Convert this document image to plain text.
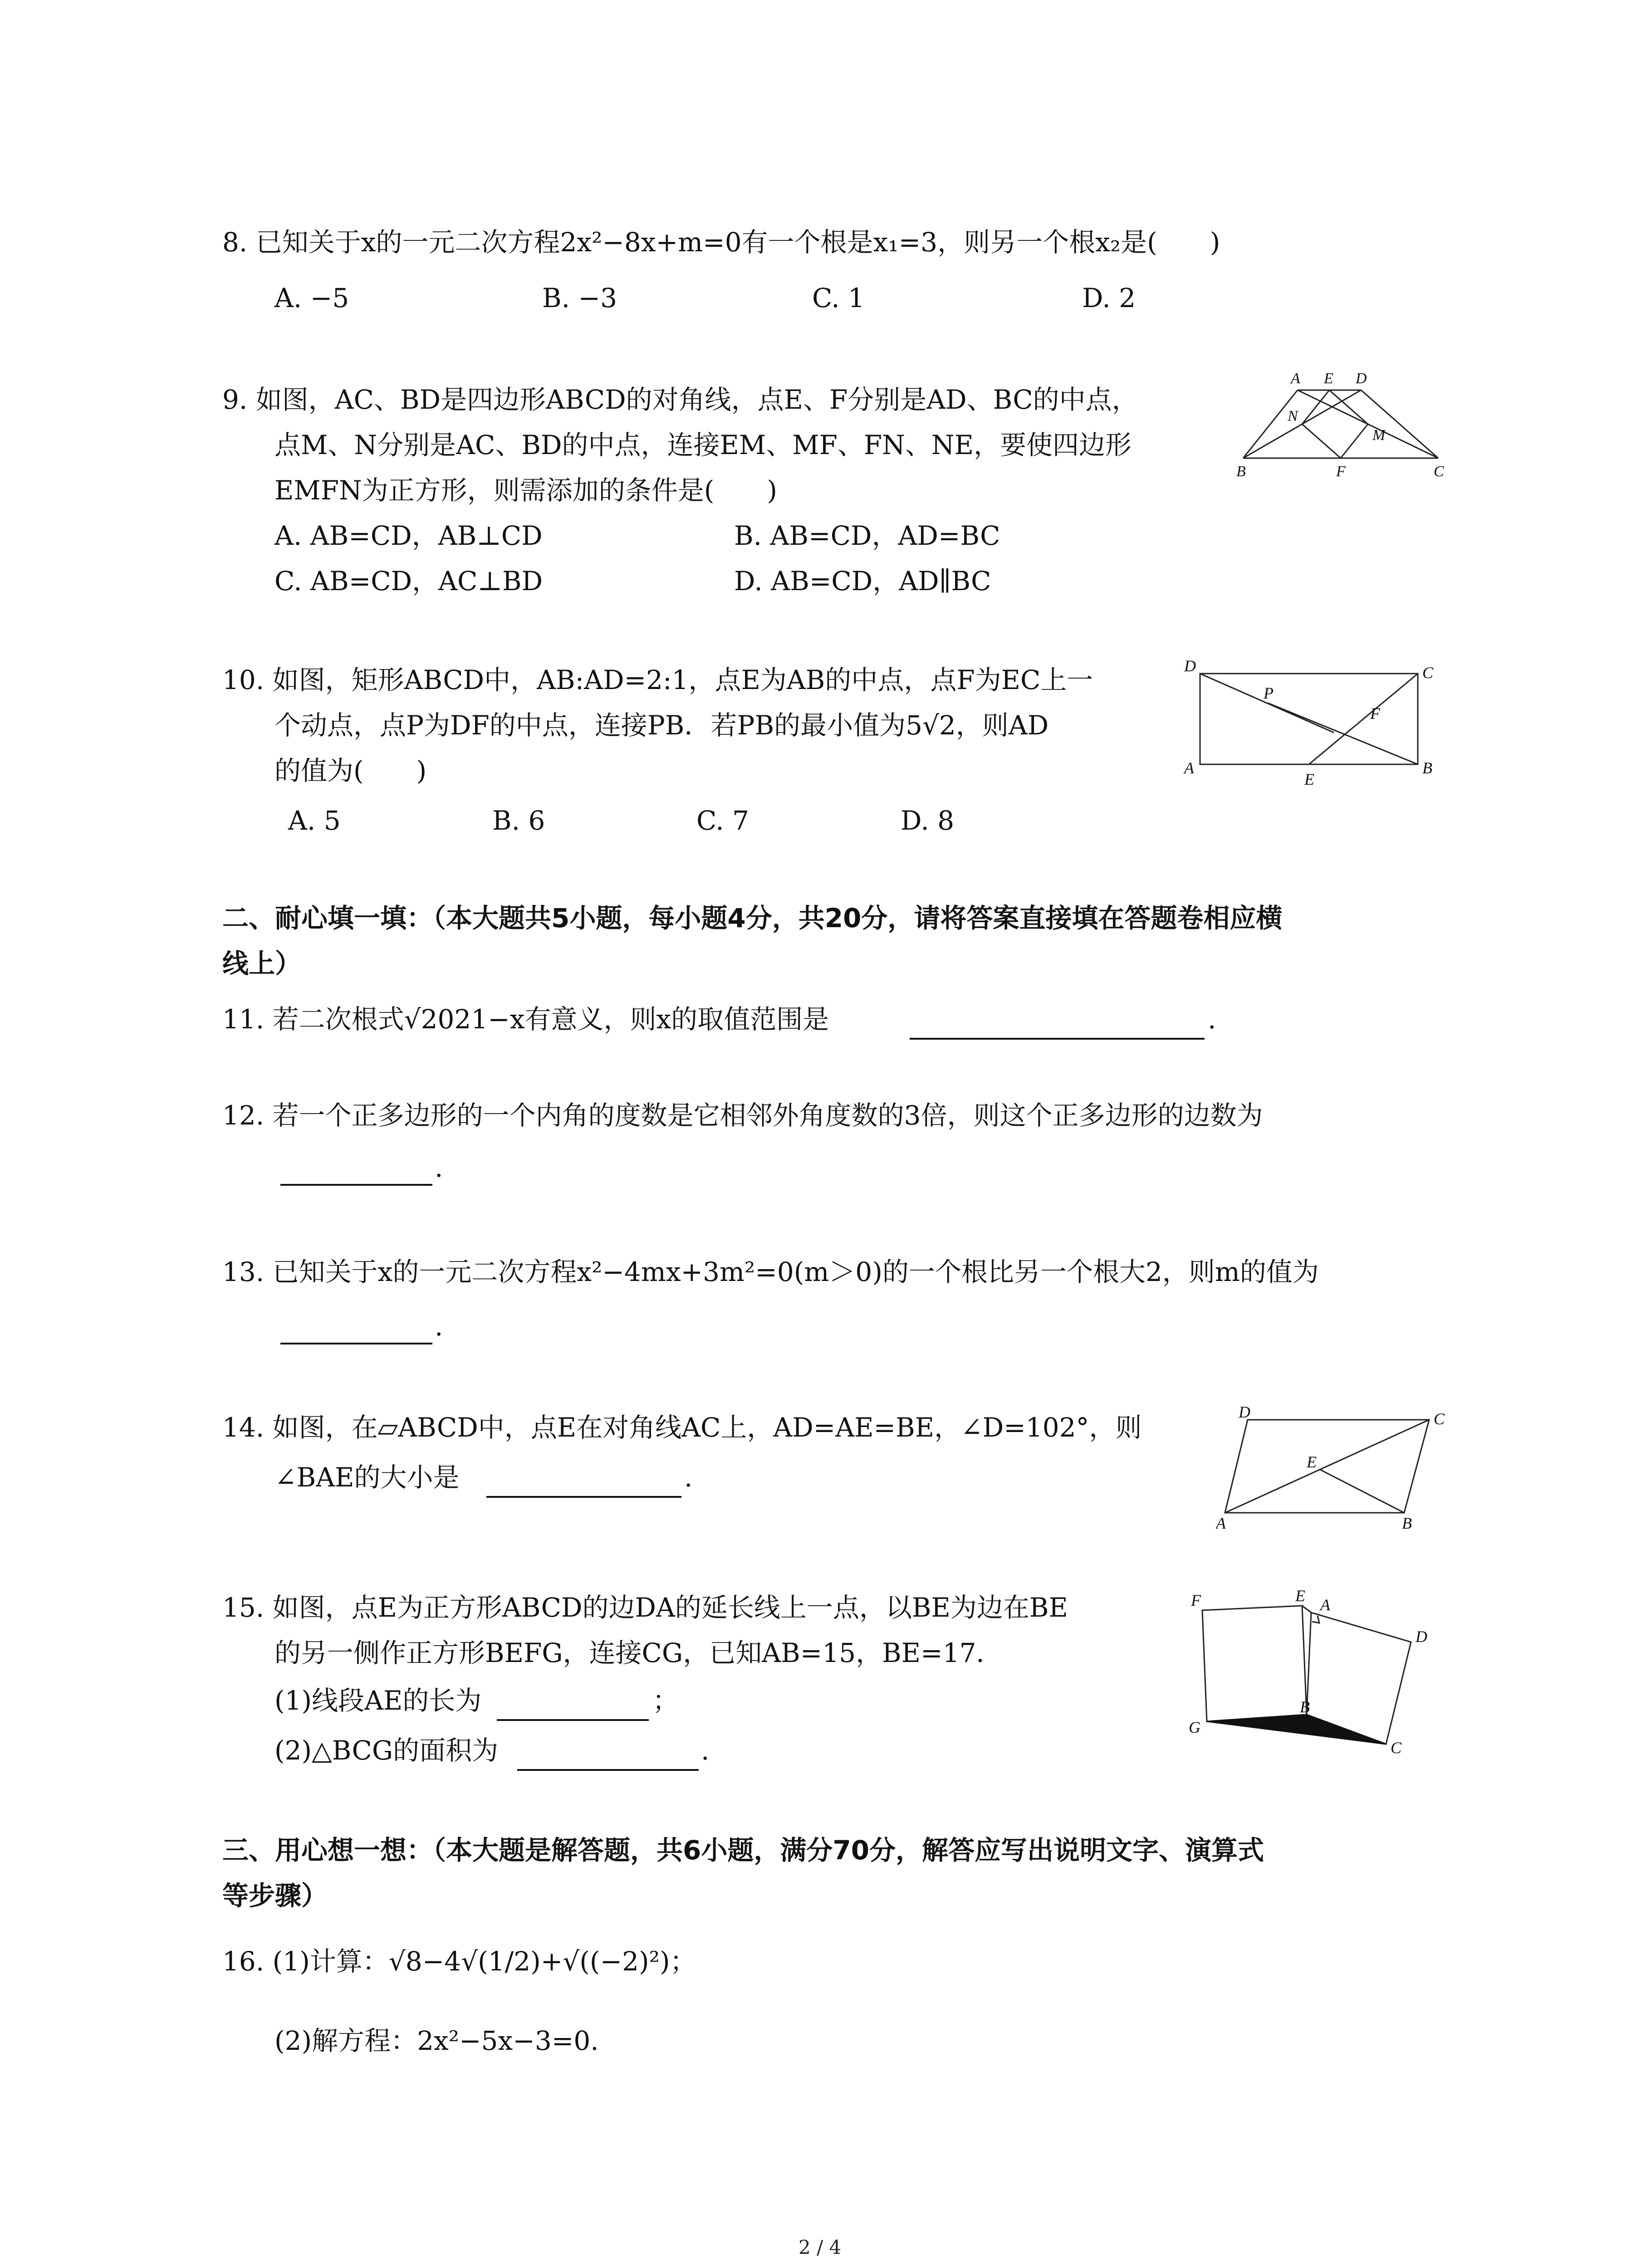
8. 已知关于x的一元二次方程2x²−8x+m=0有一个根是x₁=3，则另一个根x₂是(　　)
A. −5	B. −3	C. 1	D. 2
9. 如图，AC、BD是四边形ABCD的对角线，点E、F分别是AD、BC的中点，
点M、N分别是AC、BD的中点，连接EM、MF、FN、NE，要使四边形
EMFN为正方形，则需添加的条件是(　　)
A. AB=CD，AB⊥CD	B. AB=CD，AD=BC
C. AB=CD，AC⊥BD	D. AB=CD，AD∥BC
A E D
N
M
B	F	C
10. 如图，矩形ABCD中，AB:AD=2:1，点E为AB的中点，点F为EC上一
个动点，点P为DF的中点，连接PB．若PB的最小值为5√2，则AD
的值为(　　)
A. 5	B. 6	C. 7	D. 8
D	C
P
F
A
E
B
二、耐心填一填：（本大题共5小题，每小题4分，共20分，请将答案直接填在答题卷相应横
线上）
11. 若二次根式√2021−x有意义，则x的取值范围是	.
12. 若一个正多边形的一个内角的度数是它相邻外角度数的3倍，则这个正多边形的边数为
.
13. 已知关于x的一元二次方程x²−4mx+3m²=0(m＞0)的一个根比另一个根大2，则m的值为
.
14. 如图，在▱ABCD中，点E在对角线AC上，AD=AE=BE，∠D=102°，则
∠BAE的大小是	.
D	C
E
A	B
15. 如图，点E为正方形ABCD的边DA的延长线上一点，以BE为边在BE
的另一侧作正方形BEFG，连接CG，已知AB=15，BE=17．
(1)线段AE的长为	；
(2)△BCG的面积为	.
F	E A
D
B
G
C
三、用心想一想：（本大题是解答题，共6小题，满分70分，解答应写出说明文字、演算式
等步骤）
16. (1)计算：√8−4√(1/2)+√((−2)²)；
(2)解方程：2x²−5x−3=0.
2 / 4
